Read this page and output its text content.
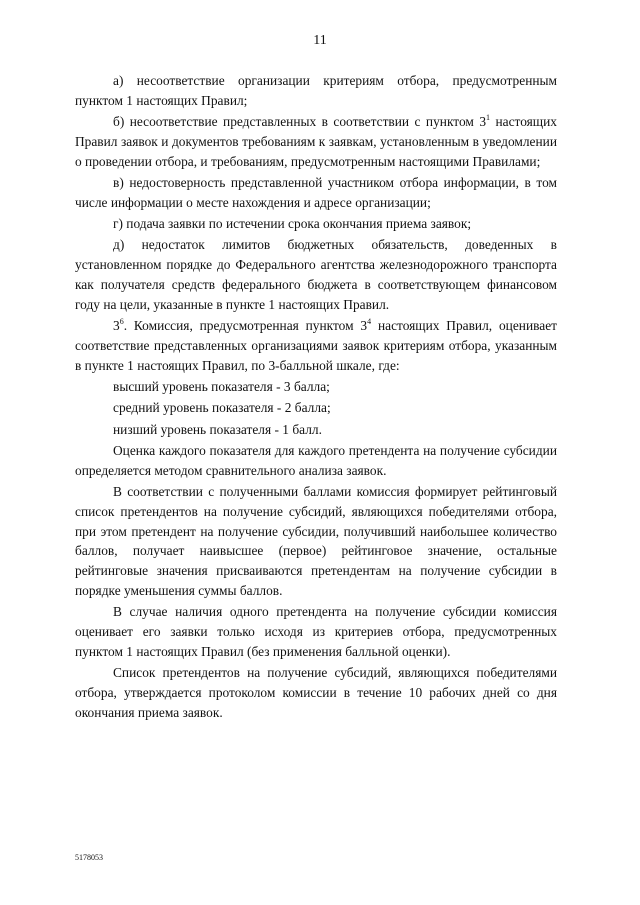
11

а) несоответствие организации критериям отбора, предусмотренным пунктом 1 настоящих Правил;

б) несоответствие представленных в соответствии с пунктом $3^1$ настоящих Правил заявок и документов требованиям к заявкам, установленным в уведомлении о проведении отбора, и требованиям, предусмотренным настоящими Правилами;

в) недостоверность представленной участником отбора информации, в том числе информации о месте нахождения и адресе организации;

г) подача заявки по истечении срока окончания приема заявок;

д) недостаток лимитов бюджетных обязательств, доведенных в установленном порядке до Федерального агентства железнодорожного транспорта как получателя средств федерального бюджета в соответствующем финансовом году на цели, указанные в пункте 1 настоящих Правил.

$3^6$. Комиссия, предусмотренная пунктом $3^4$ настоящих Правил, оценивает соответствие представленных организациями заявок критериям отбора, указанным в пункте 1 настоящих Правил, по 3-балльной шкале, где:

высший уровень показателя - 3 балла;

средний уровень показателя - 2 балла;

низший уровень показателя - 1 балл.

Оценка каждого показателя для каждого претендента на получение субсидии определяется методом сравнительного анализа заявок.

В соответствии с полученными баллами комиссия формирует рейтинговый список претендентов на получение субсидий, являющихся победителями отбора, при этом претендент на получение субсидии, получивший наибольшее количество баллов, получает наивысшее (первое) рейтинговое значение, остальные рейтинговые значения присваиваются претендентам на получение субсидии в порядке уменьшения суммы баллов.

В случае наличия одного претендента на получение субсидии комиссия оценивает его заявки только исходя из критериев отбора, предусмотренных пунктом 1 настоящих Правил (без применения балльной оценки).

Список претендентов на получение субсидий, являющихся победителями отбора, утверждается протоколом комиссии в течение 10 рабочих дней со дня окончания приема заявок.

5178053
